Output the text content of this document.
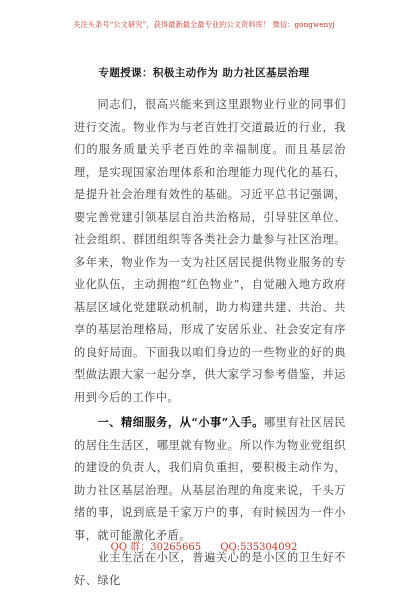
关注头条号“公文研究”，获得最新最全最专业的公文资料库！ 微信：gongwenyj
专题授课：积极主动作为 助力社区基层治理

同志们，很高兴能来到这里跟物业行业的同事们进行交流。物业作为与老百姓打交道最近的行业，我们的服务质量关乎老百姓的幸福制度。而且基层治理，是实现国家治理体系和治理能力现代化的基石，是提升社会治理有效性的基础。习近平总书记强调，要完善党建引领基层自治共治格局，引导驻区单位、社会组织、群团组织等各类社会力量参与社区治理。多年来，物业作为一支为社区居民提供物业服务的专业化队伍，主动拥抱“红色物业”，自觉融入地方政府基层区域化党建联动机制，助力构建共建、共治、共享的基层治理格局，形成了安居乐业、社会安定有序的良好局面。下面我以咱们身边的一些物业的好的典型做法跟大家一起分享，供大家学习参考借鉴，并运用到今后的工作中。

一、精细服务，从“小事”入手。哪里有社区居民的居住生活区，哪里就有物业。所以作为物业党组织的建设的负责人，我们肩负重担，要积极主动作为，助力社区基层治理。从基层治理的角度来说，千头万绪的事，说到底是千家万户的事，有时候因为一件小事，就可能激化矛盾。

业主生活在小区，普遍关心的是小区的卫生好不好、绿化

QQ 群：30265665 QQ:535304092
